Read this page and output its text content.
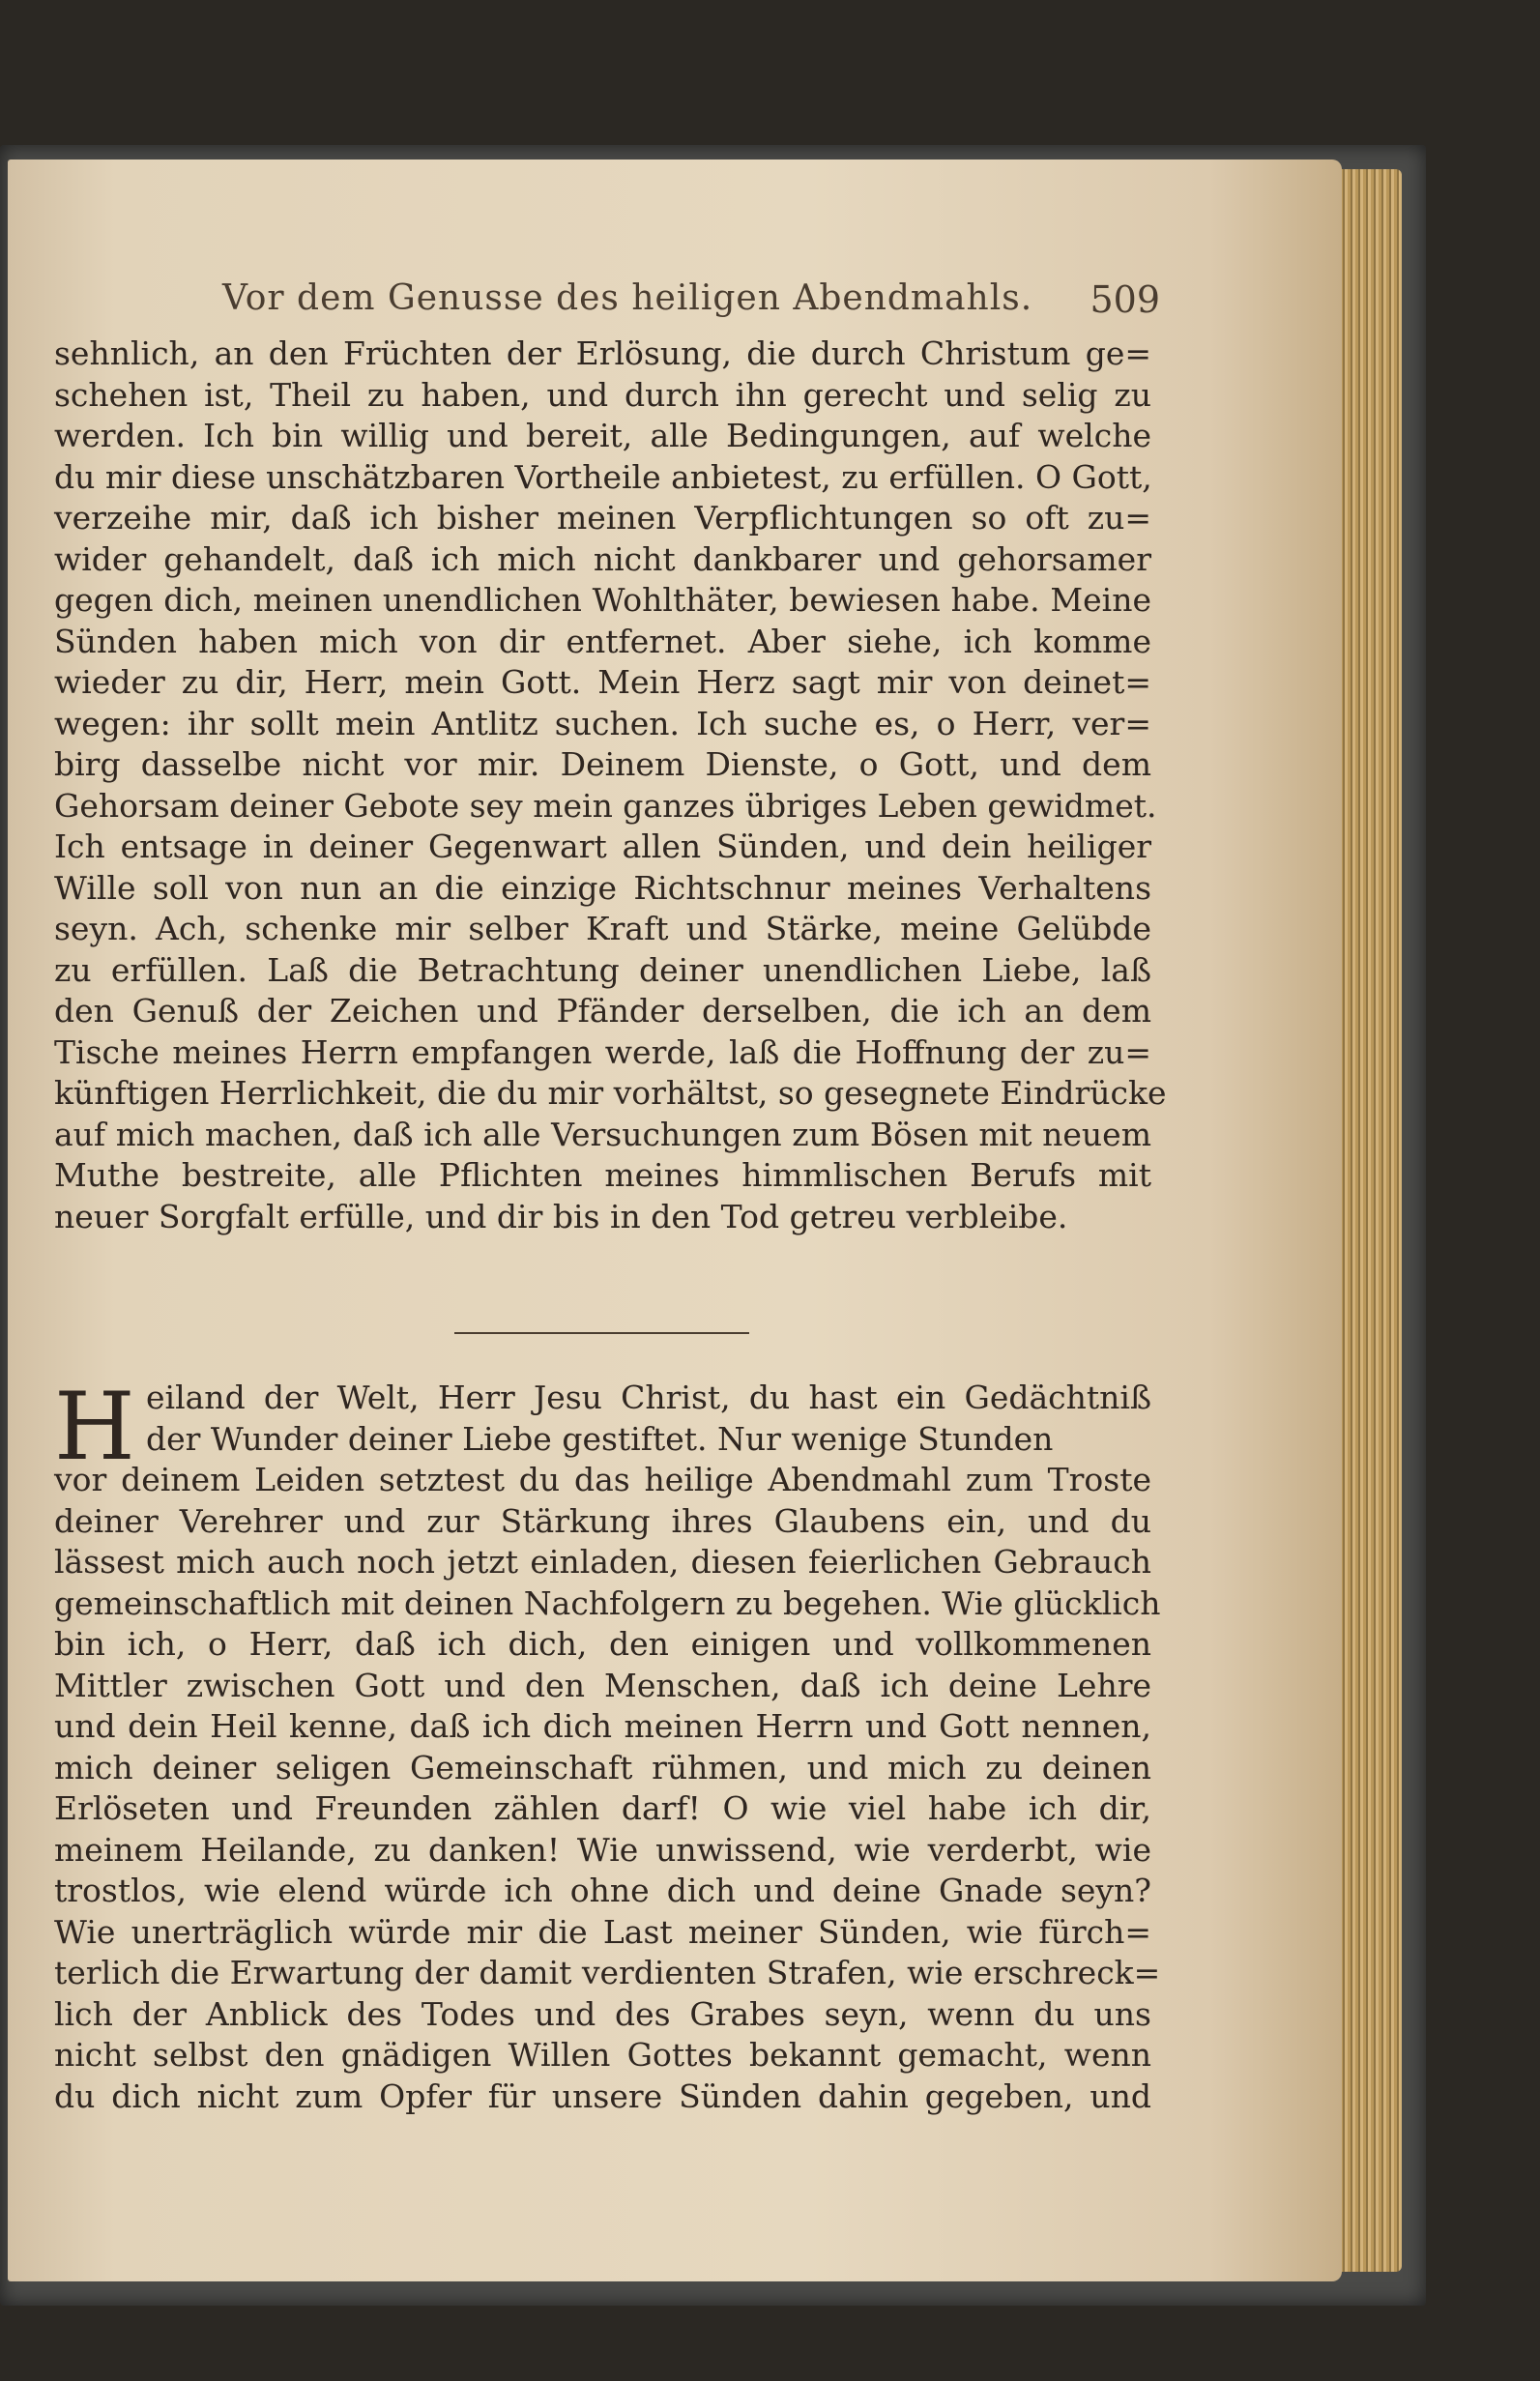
Vor dem Genusse des heiligen Abendmahls. 509
sehnlich, an den Früchten der Erlösung, die durch Christum ge=
schehen ist, Theil zu haben, und durch ihn gerecht und selig zu
werden. Ich bin willig und bereit, alle Bedingungen, auf welche
du mir diese unschätzbaren Vortheile anbietest, zu erfüllen. O Gott,
verzeihe mir, daß ich bisher meinen Verpflichtungen so oft zu=
wider gehandelt, daß ich mich nicht dankbarer und gehorsamer
gegen dich, meinen unendlichen Wohlthäter, bewiesen habe. Meine
Sünden haben mich von dir entfernet. Aber siehe, ich komme
wieder zu dir, Herr, mein Gott. Mein Herz sagt mir von deinet=
wegen: ihr sollt mein Antlitz suchen. Ich suche es, o Herr, ver=
birg dasselbe nicht vor mir. Deinem Dienste, o Gott, und dem
Gehorsam deiner Gebote sey mein ganzes übriges Leben gewidmet.
Ich entsage in deiner Gegenwart allen Sünden, und dein heiliger
Wille soll von nun an die einzige Richtschnur meines Verhaltens
seyn. Ach, schenke mir selber Kraft und Stärke, meine Gelübde
zu erfüllen. Laß die Betrachtung deiner unendlichen Liebe, laß
den Genuß der Zeichen und Pfänder derselben, die ich an dem
Tische meines Herrn empfangen werde, laß die Hoffnung der zu=
künftigen Herrlichkeit, die du mir vorhältst, so gesegnete Eindrücke
auf mich machen, daß ich alle Versuchungen zum Bösen mit neuem
Muthe bestreite, alle Pflichten meines himmlischen Berufs mit
neuer Sorgfalt erfülle, und dir bis in den Tod getreu verbleibe.
H eiland der Welt, Herr Jesu Christ, du hast ein Gedächtniß
der Wunder deiner Liebe gestiftet. Nur wenige Stunden
vor deinem Leiden setztest du das heilige Abendmahl zum Troste
deiner Verehrer und zur Stärkung ihres Glaubens ein, und du
lässest mich auch noch jetzt einladen, diesen feierlichen Gebrauch
gemeinschaftlich mit deinen Nachfolgern zu begehen. Wie glücklich
bin ich, o Herr, daß ich dich, den einigen und vollkommenen
Mittler zwischen Gott und den Menschen, daß ich deine Lehre
und dein Heil kenne, daß ich dich meinen Herrn und Gott nennen,
mich deiner seligen Gemeinschaft rühmen, und mich zu deinen
Erlöseten und Freunden zählen darf! O wie viel habe ich dir,
meinem Heilande, zu danken! Wie unwissend, wie verderbt, wie
trostlos, wie elend würde ich ohne dich und deine Gnade seyn?
Wie unerträglich würde mir die Last meiner Sünden, wie fürch=
terlich die Erwartung der damit verdienten Strafen, wie erschreck=
lich der Anblick des Todes und des Grabes seyn, wenn du uns
nicht selbst den gnädigen Willen Gottes bekannt gemacht, wenn
du dich nicht zum Opfer für unsere Sünden dahin gegeben, und
